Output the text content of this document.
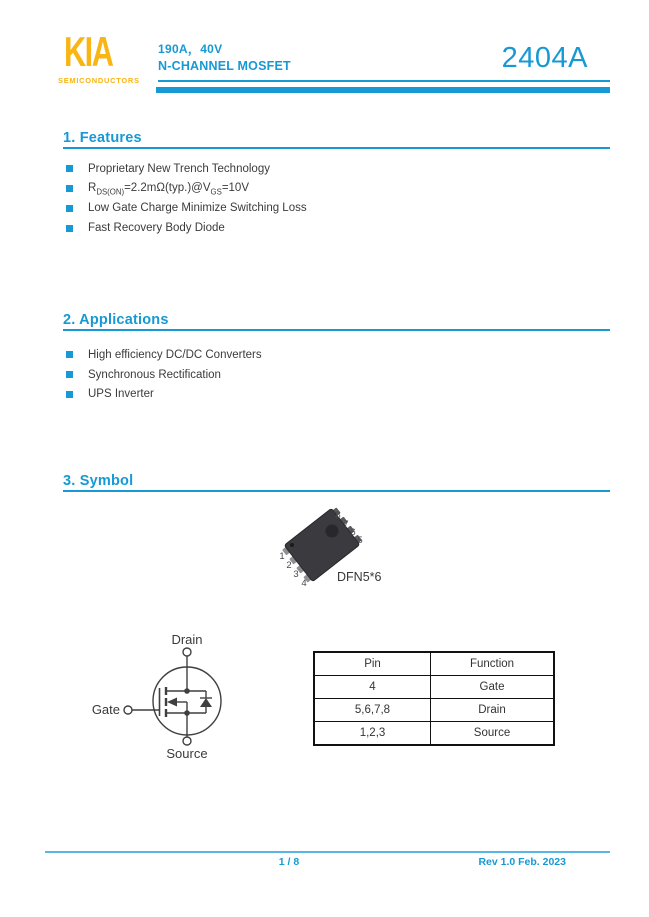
KIA
SEMICONDUCTORS
190A，40V
N-CHANNEL MOSFET	2404A
1. Features
Proprietary New Trench Technology
$R_{DS(ON)}=2.2m\Omega(typ.)@V_{GS}=10V$
Low Gate Charge Minimize Switching Loss
Fast Recovery Body Diode
2. Applications
High efficiency DC/DC Converters
Synchronous Rectification
UPS Inverter
3. Symbol
8
7
6
5
1
2
3
4 DFN5*6
Drain
Gate
Source
Pin	Function
4	Gate
5,6,7,8	Drain
1,2,3	Source
1 / 8	Rev 1.0 Feb. 2023
